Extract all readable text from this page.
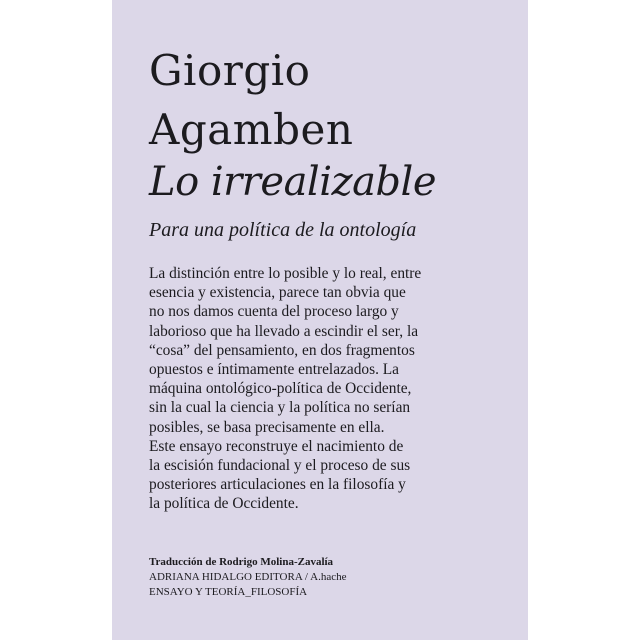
Giorgio
Agamben
Lo irrealizable

Para una política de la ontología

La distinción entre lo posible y lo real, entre
esencia y existencia, parece tan obvia que
no nos damos cuenta del proceso largo y
laborioso que ha llevado a escindir el ser, la
“cosa” del pensamiento, en dos fragmentos
opuestos e íntimamente entrelazados. La
máquina ontológico-política de Occidente,
sin la cual la ciencia y la política no serían
posibles, se basa precisamente en ella.
Este ensayo reconstruye el nacimiento de
la escisión fundacional y el proceso de sus
posteriores articulaciones en la filosofía y
la política de Occidente.
Traducción de Rodrigo Molina-Zavalía
ADRIANA HIDALGO EDITORA / A.hache
ENSAYO Y TEORÍA_FILOSOFÍA
